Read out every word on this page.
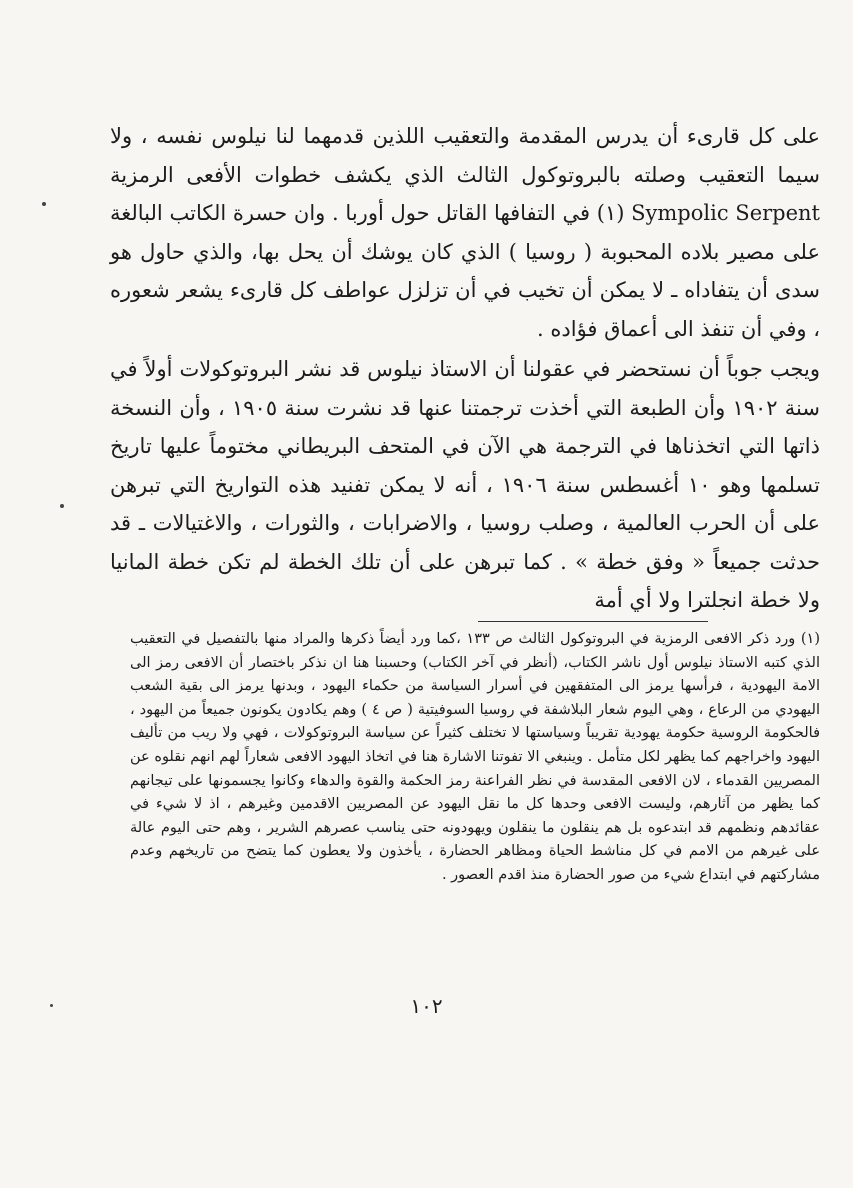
على كل قارىء أن يدرس المقدمة والتعقيب اللذين قدمهما لنا نيلوس نفسه ، ولا سيما التعقيب وصلته بالبروتوكول الثالث الذي يكشف خطوات الأفعى الرمزية Sympolic Serpent (١) في التفافها القاتل حول أوربا . وان حسرة الكاتب البالغة على مصير بلاده المحبوبة ( روسيا ) الذي كان يوشك أن يحل بها، والذي حاول هو سدى أن يتفاداه ـ لا يمكن أن تخيب في أن تزلزل عواطف كل قارىء يشعر شعوره ، وفي أن تنفذ الى أعماق فؤاده .

ويجب جوباً أن نستحضر في عقولنا أن الاستاذ نيلوس قد نشر البروتوكولات أولاً في سنة ١٩٠٢ وأن الطبعة التي أخذت ترجمتنا عنها قد نشرت سنة ١٩٠٥ ، وأن النسخة ذاتها التي اتخذناها في الترجمة هي الآن في المتحف البريطاني مختوماً عليها تاريخ تسلمها وهو ١٠ أغسطس سنة ١٩٠٦ ، أنه لا يمكن تفنيد هذه التواريخ التي تبرهن على أن الحرب العالمية ، وصلب روسيا ، والاضرابات ، والثورات ، والاغتيالات ـ قد حدثت جميعاً « وفق خطة » . كما تبرهن على أن تلك الخطة لم تكن خطة المانيا ولا خطة انجلترا ولا أي أمة

(١) ورد ذكر الافعى الرمزية في البروتوكول الثالث ص ١٣٣ ،كما ورد أيضاً ذكرها والمراد منها بالتفصيل في التعقيب الذي كتبه الاستاذ نيلوس أول ناشر الكتاب، (أنظر في آخر الكتاب) وحسبنا هنا ان نذكر باختصار أن الافعى رمز الى الامة اليهودية ، فرأسها يرمز الى المتفقهين في أسرار السياسة من حكماء اليهود ، وبدنها يرمز الى بقية الشعب اليهودي من الرعاع ، وهي اليوم شعار البلاشفة في روسيا السوفيتية ( ص ٤ ) وهم يكادون يكونون جميعاً من اليهود ، فالحكومة الروسية حكومة يهودية تقريباً وسياستها لا تختلف كثيراً عن سياسة البروتوكولات ، فهي ولا ريب من تأليف اليهود واخراجهم كما يظهر لكل متأمل . وينبغي الا تفوتنا الاشارة هنا في اتخاذ اليهود الافعى شعاراً لهم انهم نقلوه عن المصريين القدماء ، لان الافعى المقدسة في نظر الفراعنة رمز الحكمة والقوة والدهاء وكانوا يجسمونها على تيجانهم كما يظهر من آثارهم، وليست الافعى وحدها كل ما نقل اليهود عن المصريين الاقدمين وغيرهم ، اذ لا شيء في عقائدهم ونظمهم قد ابتدعوه بل هم ينقلون ما ينقلون ويهودونه حتى يناسب عصرهم الشرير ، وهم حتى اليوم عالة على غيرهم من الامم في كل مناشط الحياة ومظاهر الحضارة ، يأخذون ولا يعطون كما يتضح من تاريخهم وعدم مشاركتهم في ابتداع شيء من صور الحضارة منذ اقدم العصور .

١٠٢
